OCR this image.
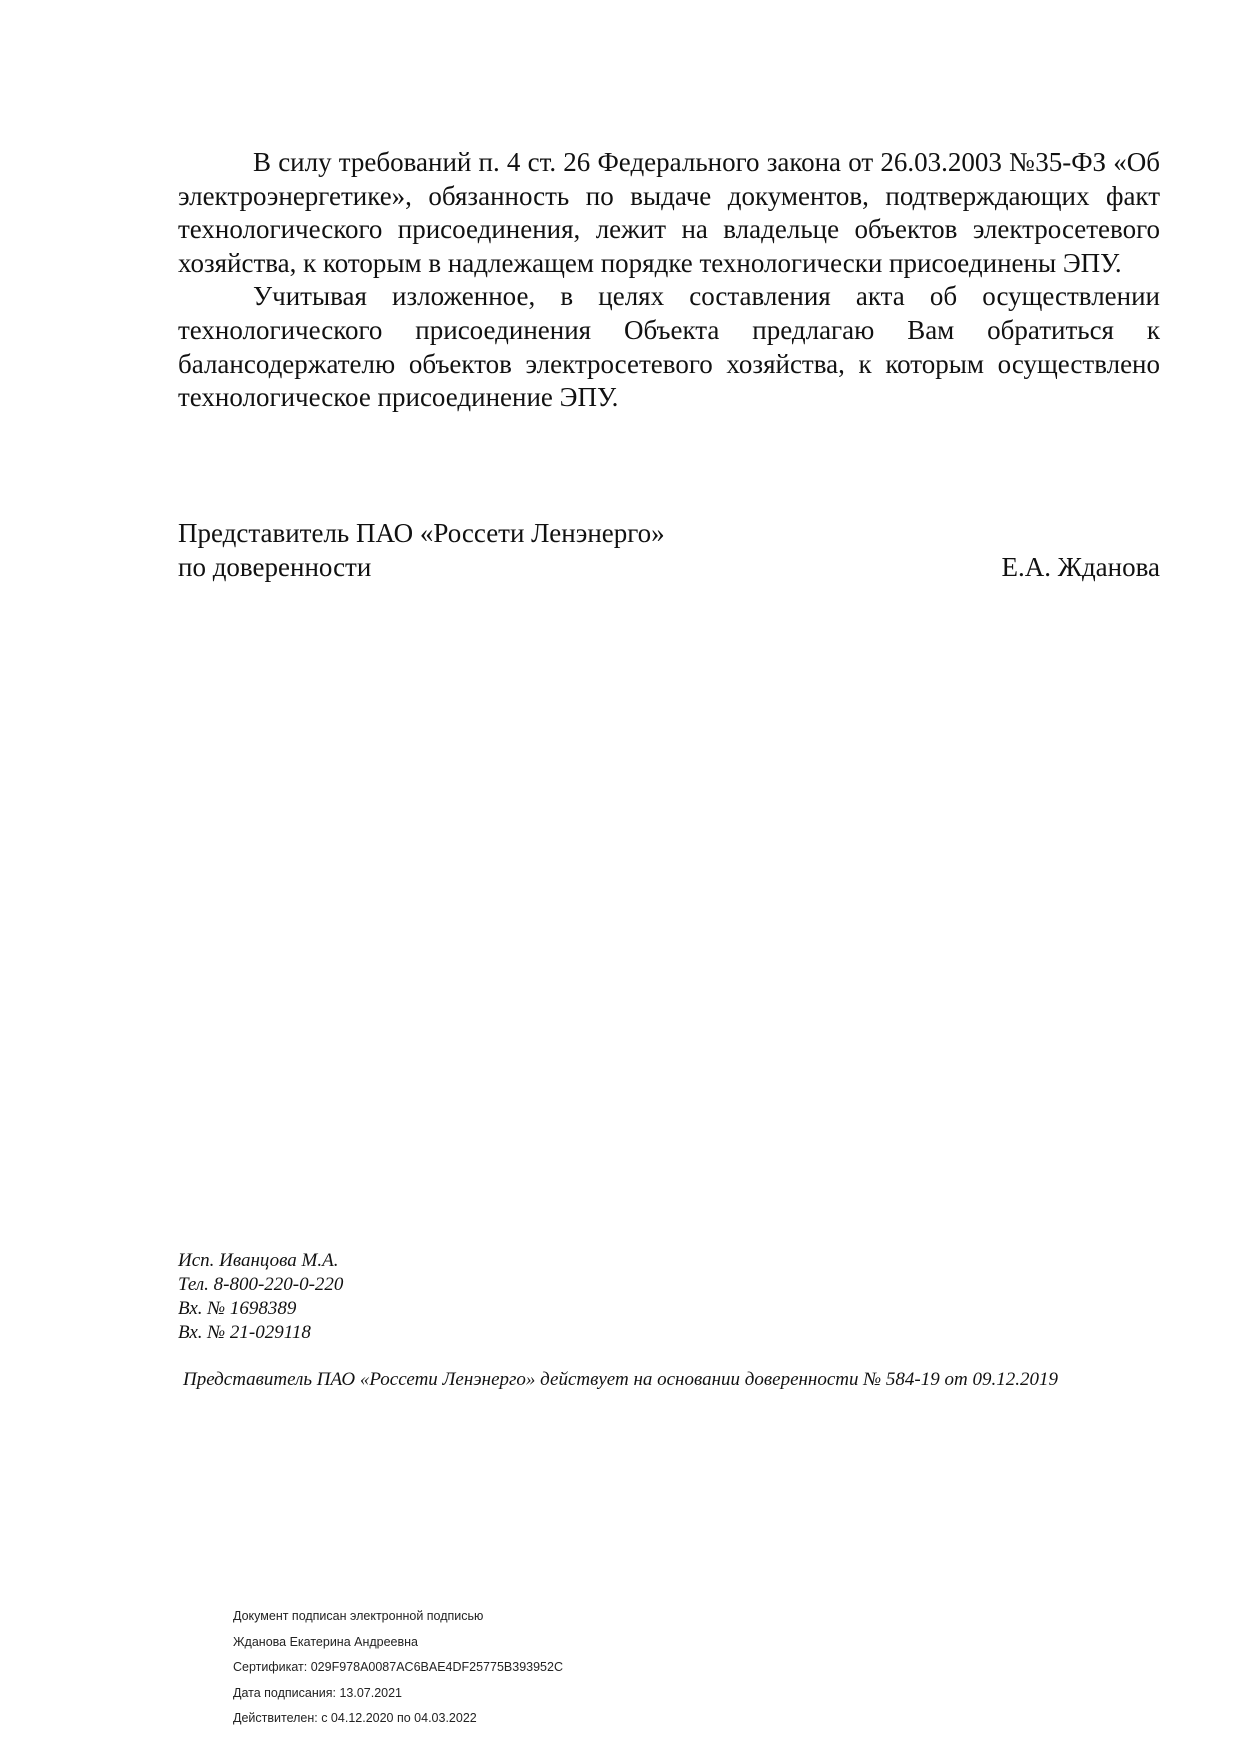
В силу требований п. 4 ст. 26 Федерального закона от 26.03.2003 №35-ФЗ «Об электроэнергетике», обязанность по выдаче документов, подтверждающих факт технологического присоединения, лежит на владельце объектов электросетевого хозяйства, к которым в надлежащем порядке технологически присоединены ЭПУ.

Учитывая изложенное, в целях составления акта об осуществлении технологического присоединения Объекта предлагаю Вам обратиться к балансодержателю объектов электросетевого хозяйства, к которым осуществлено технологическое присоединение ЭПУ.

Представитель ПАО «Россети Ленэнерго»
по доверенности	Е.А. Жданова
Исп. Иванцова М.А.
Тел. 8-800-220-0-220
Вх. № 1698389
Вх. № 21-029118
Представитель ПАО «Россети Ленэнерго» действует на основании доверенности № 584-19 от 09.12.2019
Документ подписан электронной подписью
Жданова Екатерина Андреевна
Сертификат: 029F978A0087AC6BAE4DF25775B393952C
Дата подписания: 13.07.2021
Действителен: с 04.12.2020 по 04.03.2022
